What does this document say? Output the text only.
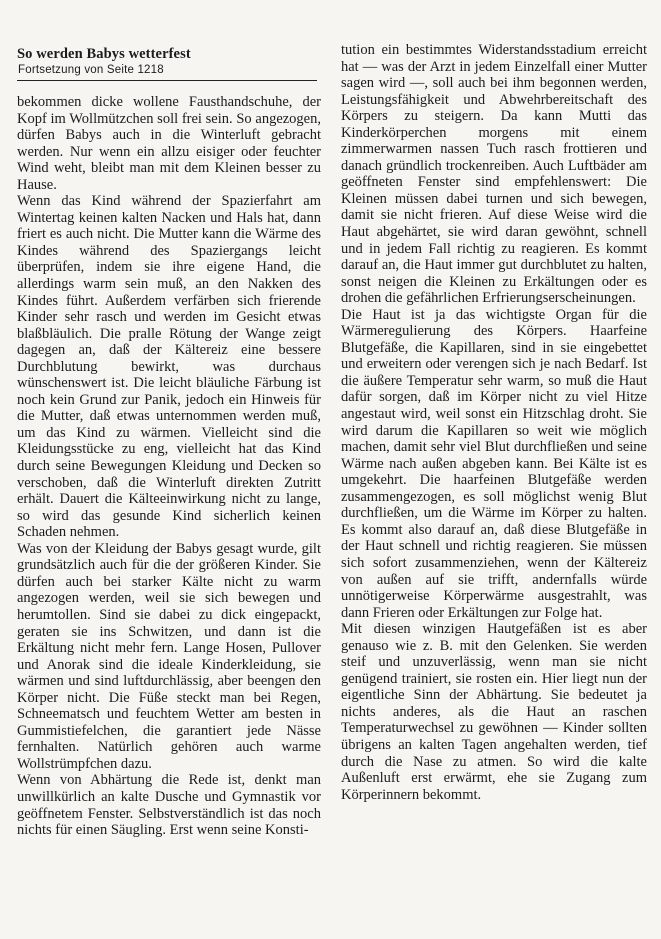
So werden Babys wetterfest
Fortsetzung von Seite 1218

bekommen dicke wollene Fausthandschuhe, der Kopf im Wollmützchen soll frei sein. So angezogen, dürfen Babys auch in die Winterluft gebracht werden. Nur wenn ein allzu eisiger oder feuchter Wind weht, bleibt man mit dem Kleinen besser zu Hause.

Wenn das Kind während der Spazierfahrt am Wintertag keinen kalten Nacken und Hals hat, dann friert es auch nicht. Die Mutter kann die Wärme des Kindes während des Spaziergangs leicht überprüfen, indem sie ihre eigene Hand, die allerdings warm sein muß, an den Nakken des Kindes führt. Außerdem verfärben sich frierende Kinder sehr rasch und werden im Gesicht etwas blaßbläulich. Die pralle Rötung der Wange zeigt dagegen an, daß der Kältereiz eine bessere Durchblutung bewirkt, was durchaus wünschenswert ist. Die leicht bläuliche Färbung ist noch kein Grund zur Panik, jedoch ein Hinweis für die Mutter, daß etwas unternommen werden muß, um das Kind zu wärmen. Vielleicht sind die Kleidungsstücke zu eng, vielleicht hat das Kind durch seine Bewegungen Kleidung und Decken so verschoben, daß die Winterluft direkten Zutritt erhält. Dauert die Kälteeinwirkung nicht zu lange, so wird das gesunde Kind sicherlich keinen Schaden nehmen.

Was von der Kleidung der Babys gesagt wurde, gilt grundsätzlich auch für die der größeren Kinder. Sie dürfen auch bei starker Kälte nicht zu warm angezogen werden, weil sie sich bewegen und herumtollen. Sind sie dabei zu dick eingepackt, geraten sie ins Schwitzen, und dann ist die Erkältung nicht mehr fern. Lange Hosen, Pullover und Anorak sind die ideale Kinderkleidung, sie wärmen und sind luftdurchlässig, aber beengen den Körper nicht. Die Füße steckt man bei Regen, Schneematsch und feuchtem Wetter am besten in Gummistiefelchen, die garantiert jede Nässe fernhalten. Natürlich gehören auch warme Wollstrümpfchen dazu.

Wenn von Abhärtung die Rede ist, denkt man unwillkürlich an kalte Dusche und Gymnastik vor geöffnetem Fenster. Selbstverständlich ist das noch nichts für einen Säugling. Erst wenn seine Konsti-

tution ein bestimmtes Widerstandsstadium erreicht hat — was der Arzt in jedem Einzelfall einer Mutter sagen wird —, soll auch bei ihm begonnen werden, Leistungsfähigkeit und Abwehrbereitschaft des Körpers zu steigern. Da kann Mutti das Kinderkörperchen morgens mit einem zimmerwarmen nassen Tuch rasch frottieren und danach gründlich trockenreiben. Auch Luftbäder am geöffneten Fenster sind empfehlenswert: Die Kleinen müssen dabei turnen und sich bewegen, damit sie nicht frieren. Auf diese Weise wird die Haut abgehärtet, sie wird daran gewöhnt, schnell und in jedem Fall richtig zu reagieren. Es kommt darauf an, die Haut immer gut durchblutet zu halten, sonst neigen die Kleinen zu Erkältungen oder es drohen die gefährlichen Erfrierungserscheinungen.

Die Haut ist ja das wichtigste Organ für die Wärmeregulierung des Körpers. Haarfeine Blutgefäße, die Kapillaren, sind in sie eingebettet und erweitern oder verengen sich je nach Bedarf. Ist die äußere Temperatur sehr warm, so muß die Haut dafür sorgen, daß im Körper nicht zu viel Hitze angestaut wird, weil sonst ein Hitzschlag droht. Sie wird darum die Kapillaren so weit wie möglich machen, damit sehr viel Blut durchfließen und seine Wärme nach außen abgeben kann. Bei Kälte ist es umgekehrt. Die haarfeinen Blutgefäße werden zusammengezogen, es soll möglichst wenig Blut durchfließen, um die Wärme im Körper zu halten. Es kommt also darauf an, daß diese Blutgefäße in der Haut schnell und richtig reagieren. Sie müssen sich sofort zusammenziehen, wenn der Kältereiz von außen auf sie trifft, andernfalls würde unnötigerweise Körperwärme ausgestrahlt, was dann Frieren oder Erkältungen zur Folge hat.

Mit diesen winzigen Hautgefäßen ist es aber genauso wie z. B. mit den Gelenken. Sie werden steif und unzuverlässig, wenn man sie nicht genügend trainiert, sie rosten ein. Hier liegt nun der eigentliche Sinn der Abhärtung. Sie bedeutet ja nichts anderes, als die Haut an raschen Temperaturwechsel zu gewöhnen — Kinder sollten übrigens an kalten Tagen angehalten werden, tief durch die Nase zu atmen. So wird die kalte Außenluft erst erwärmt, ehe sie Zugang zum Körperinnern bekommt.
